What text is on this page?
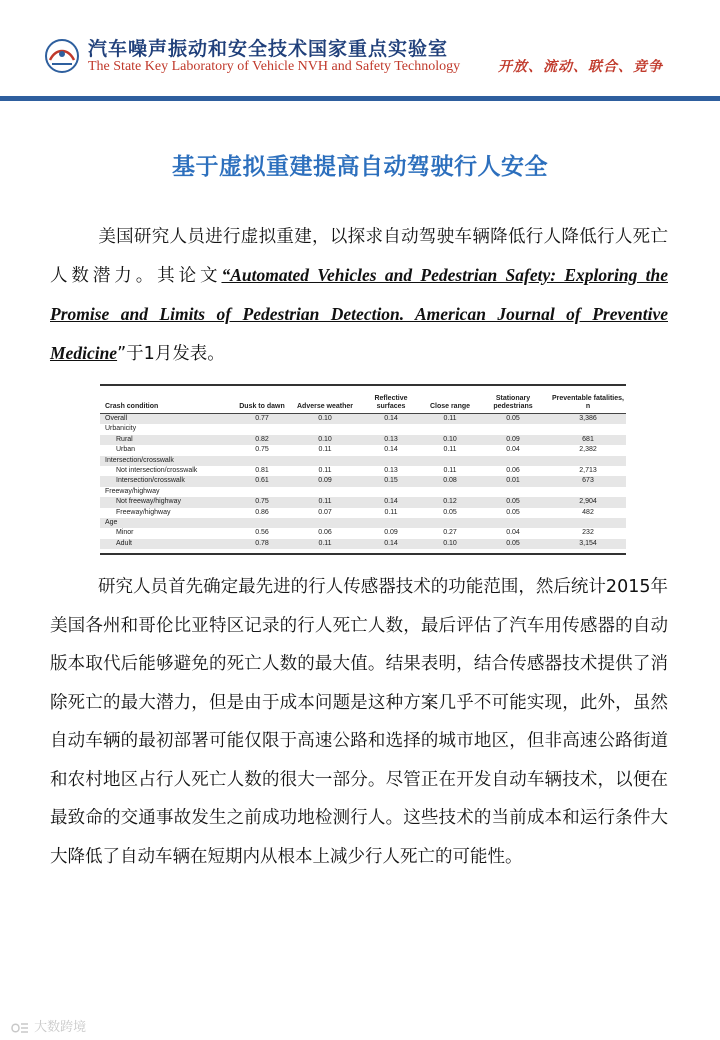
汽车噪声振动和安全技术国家重点实验室
The State Key Laboratory of Vehicle NVH and Safety Technology	开放、流动、联合、竞争
基于虚拟重建提高自动驾驶行人安全
美国研究人员进行虚拟重建，以探求自动驾驶车辆降低行人降低行人死亡人数潜力。其论文“Automated Vehicles and Pedestrian Safety: Exploring the Promise and Limits of Pedestrian Detection. American Journal of Preventive Medicine”于1月发表。
Crash condition	Dusk to dawn	Adverse weather	Reflective surfaces	Close range	Stationary pedestrians	Preventable fatalities, n
Overall	0.77	0.10	0.14	0.11	0.05	3,386
Urbanicity						
Rural	0.82	0.10	0.13	0.10	0.09	681
Urban	0.75	0.11	0.14	0.11	0.04	2,382
Intersection/crosswalk						
Not intersection/crosswalk	0.81	0.11	0.13	0.11	0.06	2,713
Intersection/crosswalk	0.61	0.09	0.15	0.08	0.01	673
Freeway/highway						
Not freeway/highway	0.75	0.11	0.14	0.12	0.05	2,904
Freeway/highway	0.86	0.07	0.11	0.05	0.05	482
Age						
Minor	0.56	0.06	0.09	0.27	0.04	232
Adult	0.78	0.11	0.14	0.10	0.05	3,154
研究人员首先确定最先进的行人传感器技术的功能范围，然后统计2015年美国各州和哥伦比亚特区记录的行人死亡人数，最后评估了汽车用传感器的自动版本取代后能够避免的死亡人数的最大值。结果表明，结合传感器技术提供了消除死亡的最大潜力，但是由于成本问题是这种方案几乎不可能实现，此外，虽然自动车辆的最初部署可能仅限于高速公路和选择的城市地区，但非高速公路街道和农村地区占行人死亡人数的很大一部分。尽管正在开发自动车辆技术，以便在最致命的交通事故发生之前成功地检测行人。这些技术的当前成本和运行条件大大降低了自动车辆在短期内从根本上减少行人死亡的可能性。
大数跨境
